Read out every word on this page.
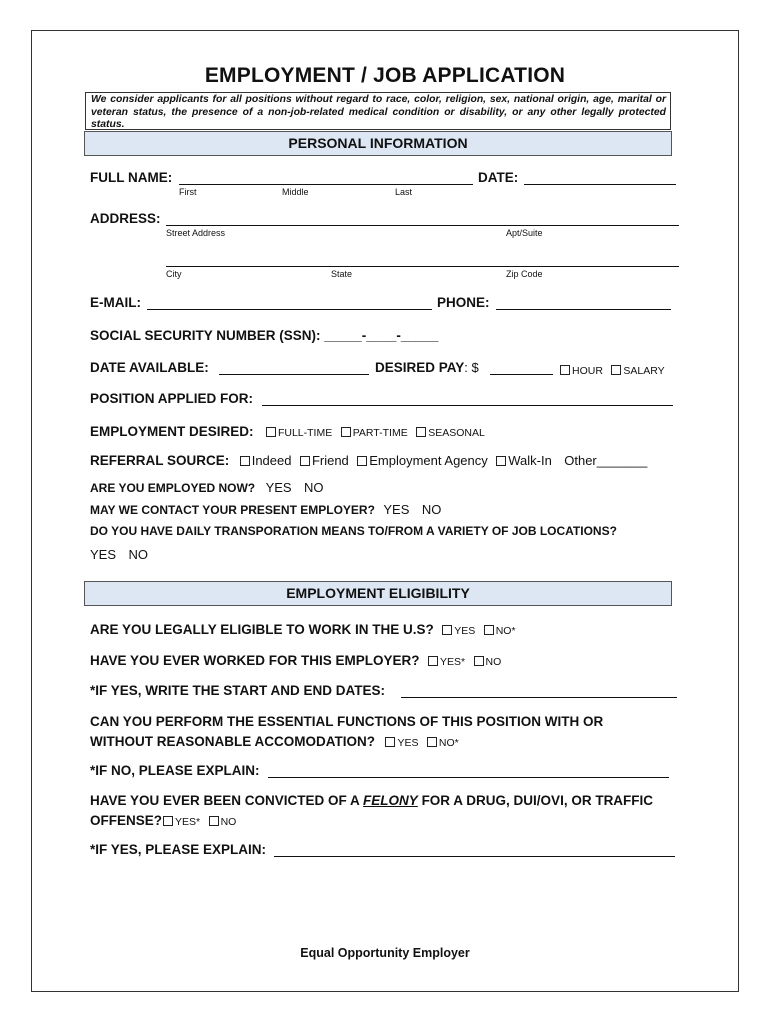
EMPLOYMENT / JOB APPLICATION
We consider applicants for all positions without regard to race, color, religion, sex, national origin, age, marital or veteran status, the presence of a non-job-related medical condition or disability, or any other legally protected status.
PERSONAL INFORMATION
FULL NAME:
First	Middle	Last
DATE:
ADDRESS:
Street Address	Apt/Suite
City	State	Zip Code
E-MAIL:	PHONE:
SOCIAL SECURITY NUMBER (SSN): _____-____-_____
DATE AVAILABLE:	DESIRED PAY: $	HOUR SALARY
POSITION APPLIED FOR:
EMPLOYMENT DESIRED: FULL-TIME PART-TIME SEASONAL
REFERRAL SOURCE: Indeed Friend Employment Agency Walk-In Other_______
ARE YOU EMPLOYED NOW? YES NO
MAY WE CONTACT YOUR PRESENT EMPLOYER? YES NO
DO YOU HAVE DAILY TRANSPORATION MEANS TO/FROM A VARIETY OF JOB LOCATIONS?
YES NO
EMPLOYMENT ELIGIBILITY
ARE YOU LEGALLY ELIGIBLE TO WORK IN THE U.S? YES NO*
HAVE YOU EVER WORKED FOR THIS EMPLOYER? YES* NO
*IF YES, WRITE THE START AND END DATES:
CAN YOU PERFORM THE ESSENTIAL FUNCTIONS OF THIS POSITION WITH OR
WITHOUT REASONABLE ACCOMODATION? YES NO*
*IF NO, PLEASE EXPLAIN:
HAVE YOU EVER BEEN CONVICTED OF A FELONY FOR A DRUG, DUI/OVI, OR TRAFFIC
OFFENSE? YES* NO
*IF YES, PLEASE EXPLAIN:
Equal Opportunity Employer
